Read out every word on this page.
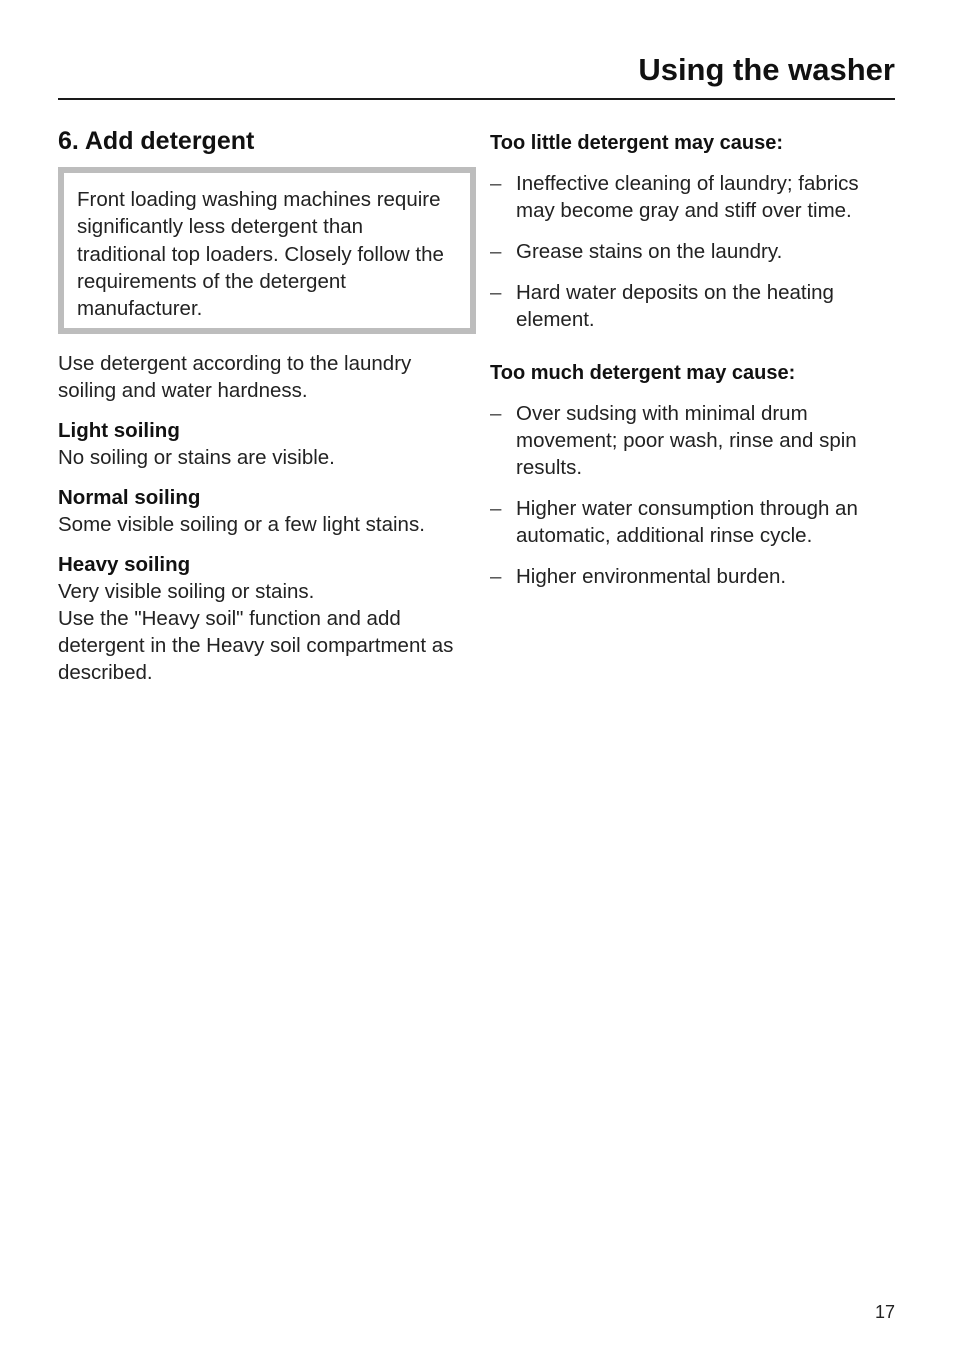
Using the washer
6. Add detergent
Front loading washing machines require significantly less detergent than traditional top loaders. Closely follow the requirements of the detergent manufacturer.

Use detergent according to the laundry soiling and water hardness.

Light soiling

No soiling or stains are visible.

Normal soiling

Some visible soiling or a few light stains.

Heavy soiling

Very visible soiling or stains.

Use the "Heavy soil" function and add detergent in the Heavy soil compartment as described.

Too little detergent may cause:
– Ineffective cleaning of laundry; fabrics may become gray and stiff over time.
– Grease stains on the laundry.
– Hard water deposits on the heating element.
Too much detergent may cause:
– Over sudsing with minimal drum movement; poor wash, rinse and spin results.
– Higher water consumption through an automatic, additional rinse cycle.
– Higher environmental burden.
17
